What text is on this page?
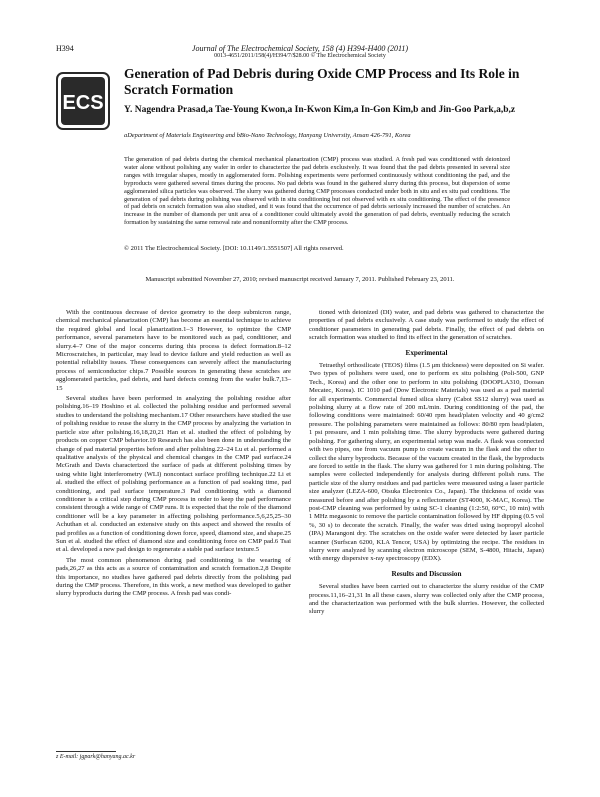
H394	Journal of The Electrochemical Society, 158 (4) H394-H400 (2011)
0013-4651/2011/158(4)/H394/7/$28.00 © The Electrochemical Society
ECS
Generation of Pad Debris during Oxide CMP Process and Its Role in Scratch Formation
Y. Nagendra Prasad,a Tae-Young Kwon,a In-Kwon Kim,a In-Gon Kim,b and Jin-Goo Park,a,b,z
aDepartment of Materials Engineering and bBio-Nano Technology, Hanyang University, Ansan 426-791, Korea
The generation of pad debris during the chemical mechanical planarization (CMP) process was studied. A fresh pad was conditioned with deionized water alone without polishing any wafer in order to characterize the pad debris exclusively. It was found that the pad debris presented in several size ranges with irregular shapes, mostly in agglomerated form. Polishing experiments were performed continuously without conditioning the pad, and the byproducts were gathered several times during the process. No pad debris was found in the gathered slurry during this process, but dispersion of some agglomerated silica particles was observed. The slurry was gathered during CMP processes conducted under both in situ and ex situ pad conditions. The generation of pad debris during polishing was observed with in situ conditioning but not observed with ex situ conditioning. The effect of the presence of pad debris on scratch formation was also studied, and it was found that the occurrence of pad debris seriously increased the number of scratches. An increase in the number of diamonds per unit area of a conditioner could ultimately avoid the generation of pad debris, eventually reducing the scratch formation by sustaining the same removal rate and nonuniformity after the CMP process.
© 2011 The Electrochemical Society. [DOI: 10.1149/1.3551507] All rights reserved.
Manuscript submitted November 27, 2010; revised manuscript received January 7, 2011. Published February 23, 2011.

With the continuous decrease of device geometry to the deep submicron range, chemical mechanical planarization (CMP) has become an essential technique to achieve the required global and local planarization.1–3 However, to optimize the CMP performance, several parameters have to be monitored such as pad, conditioner, and slurry.4–7 One of the major concerns during this process is defect formation.8–12 Microscratches, in particular, may lead to device failure and yield reduction as well as potential reliability issues. These consequences can severely affect the manufacturing process of semiconductor chips.7 Possible sources in generating these scratches are agglomerated particles, pad debris, and hard defects coming from the wafer bulk.7,13–15

Several studies have been performed in analyzing the polishing residue after polishing.16–19 Hoshino et al. collected the polishing residue and performed several studies to understand the polishing mechanism.17 Other researchers have studied the use of polishing residue to reuse the slurry in the CMP process by analyzing the variation in particle size after polishing.16,18,20,21 Han et al. studied the effect of polishing by products on copper CMP behavior.19 Research has also been done in understanding the change of pad material properties before and after polishing.22–24 Lu et al. performed a qualitative analysis of the physical and chemical changes in the CMP pad surface.24 McGrath and Davis characterized the surface of pads at different polishing times by using white light interferometry (WLI) noncontact surface profiling technique.22 Li et al. studied the effect of polishing performance as a function of pad soaking time, pad conditioning, and pad surface temperature.3 Pad conditioning with a diamond conditioner is a critical step during CMP process in order to keep the pad performance consistent through a wide range of CMP runs. It is expected that the role of the diamond conditioner will be a key parameter in affecting polishing performance.5,6,25,25–30 Achuthan et al. conducted an extensive study on this aspect and showed the results of pad profiles as a function of conditioning down force, speed, diamond size, and shape.25 Sun et al. studied the effect of diamond size and conditioning force on CMP pad.6 Tsai et al. developed a new pad design to regenerate a stable pad surface texture.5

The most common phenomenon during pad conditioning is the wearing of pads,26,27 as this acts as a source of contamination and scratch formation.2,8 Despite this importance, no studies have gathered pad debris directly from the polishing pad during the CMP process. Therefore, in this work, a new method was developed to gather slurry byproducts during the CMP process. A fresh pad was condi-

tioned with deionized (DI) water, and pad debris was gathered to characterize the properties of pad debris exclusively. A case study was performed to study the effect of conditioner parameters in generating pad debris. Finally, the effect of pad debris on scratch formation was studied to find its effect in the generation of scratches.

Experimental

Tetraethyl orthosilicate (TEOS) films (1.5 μm thickness) were deposited on Si wafer. Two types of polishers were used, one to perform ex situ polishing (Poli-500, GNP Tech., Korea) and the other one to perform in situ polishing (DOOPLA310, Doosan Mecatec, Korea). IC 1010 pad (Dow Electronic Materials) was used as a pad material for all experiments. Commercial fumed silica slurry (Cabot SS12 slurry) was used as polishing slurry at a flow rate of 200 mL/min. During conditioning of the pad, the following conditions were maintained: 60/40 rpm head/platen velocity and 40 g/cm2 pressure. The polishing parameters were maintained as follows: 80/80 rpm head/platen, 1 psi pressure, and 1 min polishing time. The slurry byproducts were gathered during polishing. For gathering slurry, an experimental setup was made. A flask was connected with two pipes, one from vacuum pump to create vacuum in the flask and the other to collect the slurry byproducts. Because of the vacuum created in the flask, the byproducts are forced to settle in the flask. The slurry was gathered for 1 min during polishing. The samples were collected independently for analysis during different polish runs. The particle size of the slurry residues and pad particles were measured using a laser particle size analyzer (LEZA-600, Otsuka Electronics Co., Japan). The thickness of oxide was measured before and after polishing by a reflectometer (ST4000, K-MAC, Korea). The post-CMP cleaning was performed by using SC-1 cleaning (1:2:50, 60°C, 10 min) with 1 MHz megasonic to remove the particle contamination followed by HF dipping (0.5 vol %, 30 s) to decorate the scratch. Finally, the wafer was dried using isopropyl alcohol (IPA) Marangoni dry. The scratches on the oxide wafer were detected by laser particle scanner (Surfscan 6200, KLA Tencor, USA) by optimizing the recipe. The residues in slurry were analyzed by scanning electron microscope (SEM, S-4800, Hitachi, Japan) with energy dispersive x-ray spectroscopy (EDX).

Results and Discussion

Several studies have been carried out to characterize the slurry residue of the CMP process.11,16–21,31 In all these cases, slurry was collected only after the CMP process, and the characterization was performed with the bulk slurries. However, the collected slurry

z E-mail: jgpark@hanyang.ac.kr
